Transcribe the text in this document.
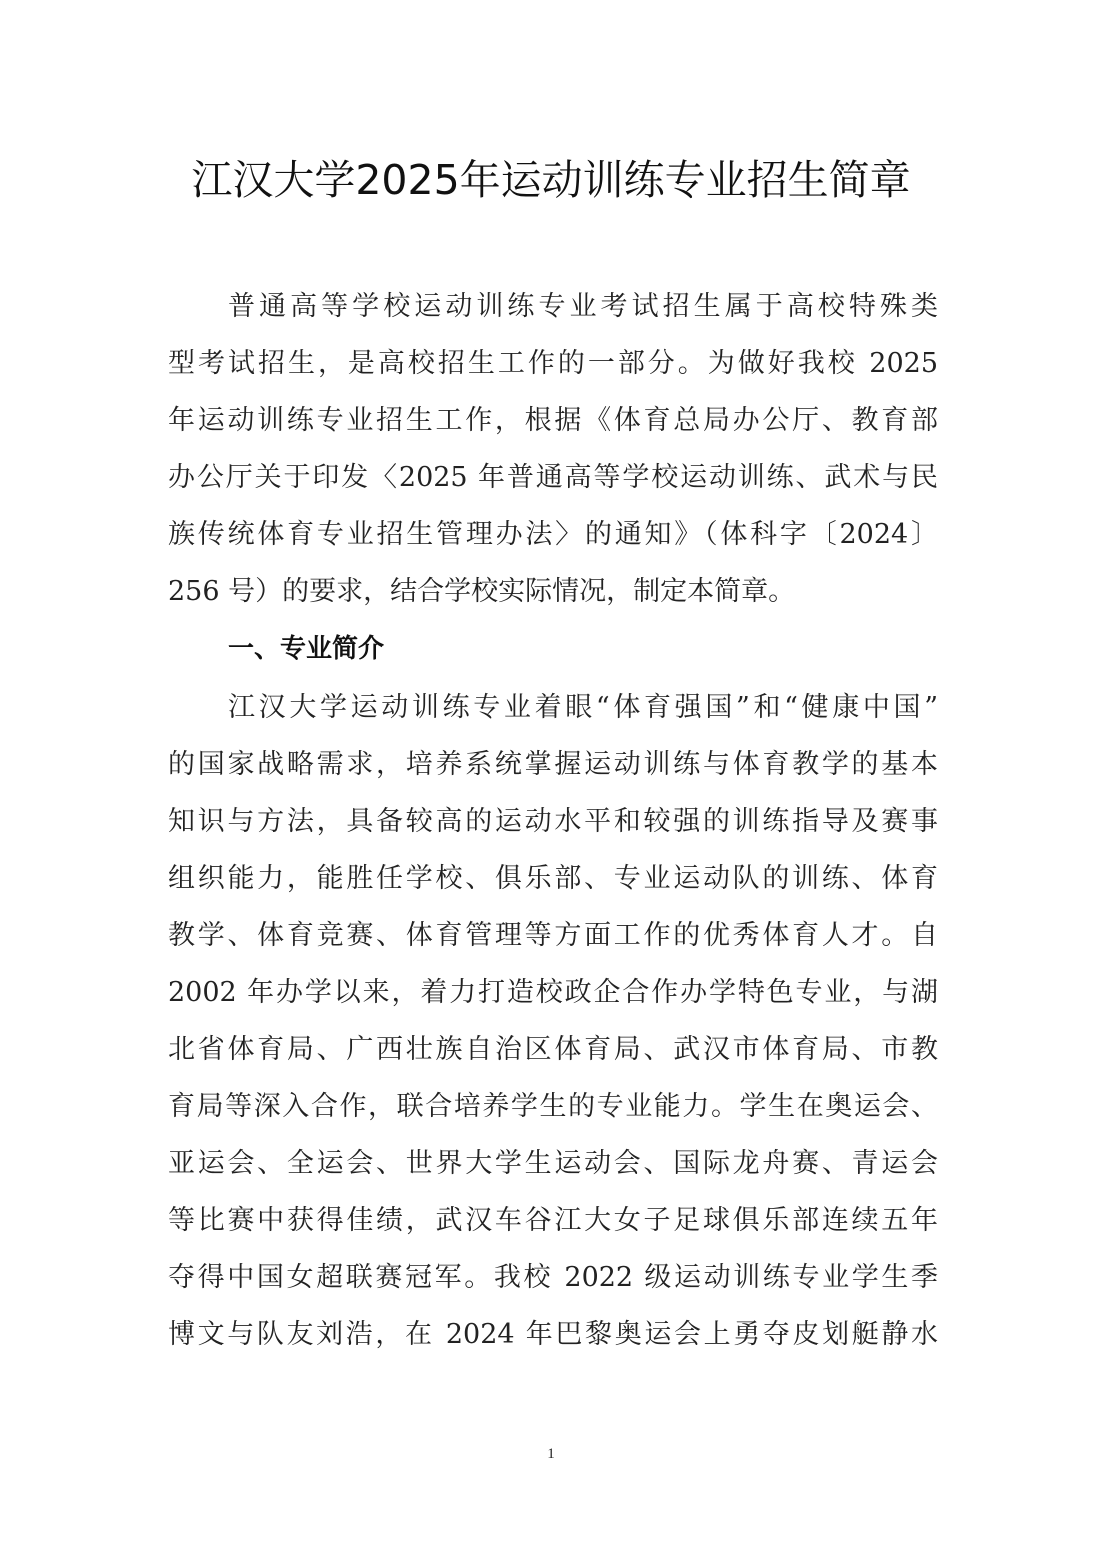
江汉大学2025年运动训练专业招生简章
普通高等学校运动训练专业考试招生属于高校特殊类
型考试招生，是高校招生工作的一部分。为做好我校 2025
年运动训练专业招生工作，根据《体育总局办公厅、教育部
办公厅关于印发〈2025 年普通高等学校运动训练、武术与民
族传统体育专业招生管理办法〉的通知》（体科字〔2024〕
256 号）的要求，结合学校实际情况，制定本简章。
一、专业简介
江汉大学运动训练专业着眼“体育强国”和“健康中国”
的国家战略需求，培养系统掌握运动训练与体育教学的基本
知识与方法，具备较高的运动水平和较强的训练指导及赛事
组织能力，能胜任学校、俱乐部、专业运动队的训练、体育
教学、体育竞赛、体育管理等方面工作的优秀体育人才。自
2002 年办学以来，着力打造校政企合作办学特色专业，与湖
北省体育局、广西壮族自治区体育局、武汉市体育局、市教
育局等深入合作，联合培养学生的专业能力。学生在奥运会、
亚运会、全运会、世界大学生运动会、国际龙舟赛、青运会
等比赛中获得佳绩，武汉车谷江大女子足球俱乐部连续五年
夺得中国女超联赛冠军。我校 2022 级运动训练专业学生季
博文与队友刘浩，在 2024 年巴黎奥运会上勇夺皮划艇静水
1
